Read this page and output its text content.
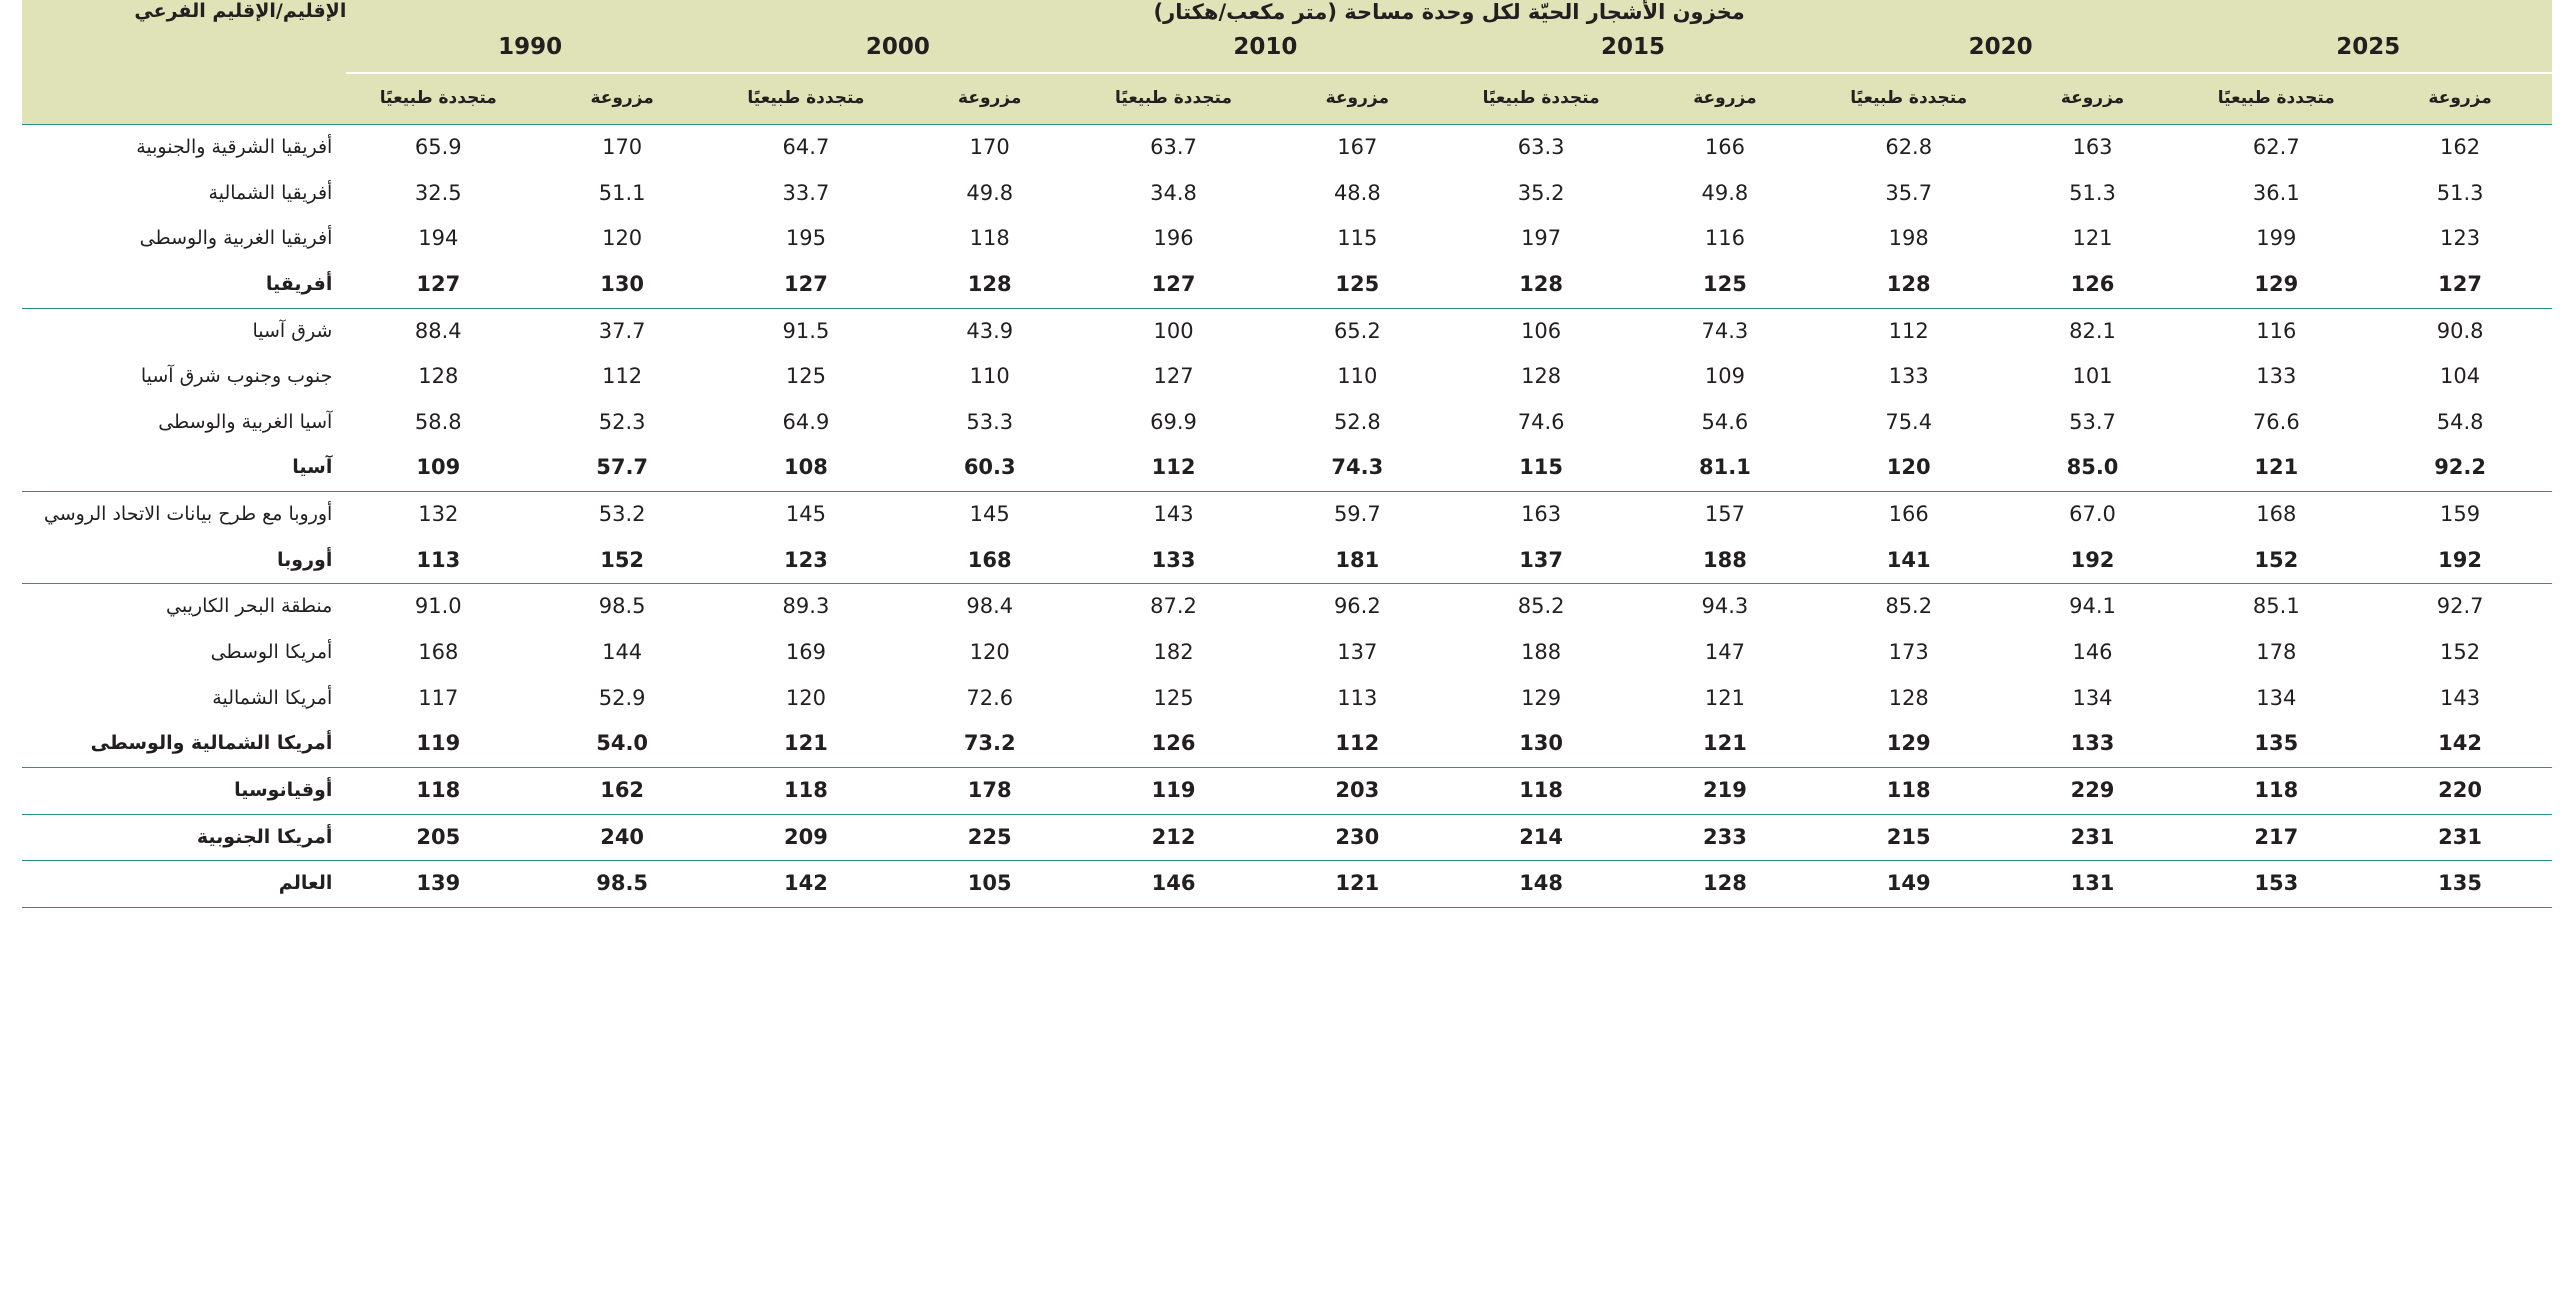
مخزون الأشجار الحيّة لكل وحدة مساحة (متر مكعب/هكتار)												الإقليم/الإقليم الفرعي
2025		2020		2015		2010		2000		1990		
مزروعة	متجددة طبيعيًا	مزروعة	متجددة طبيعيًا	مزروعة	متجددة طبيعيًا	مزروعة	متجددة طبيعيًا	مزروعة	متجددة طبيعيًا	مزروعة	متجددة طبيعيًا	
162	62.7	163	62.8	166	63.3	167	63.7	170	64.7	170	65.9	أفريقيا الشرقية والجنوبية
51.3	36.1	51.3	35.7	49.8	35.2	48.8	34.8	49.8	33.7	51.1	32.5	أفريقيا الشمالية
123	199	121	198	116	197	115	196	118	195	120	194	أفريقيا الغربية والوسطى
127	129	126	128	125	128	125	127	128	127	130	127	أفريقيا
90.8	116	82.1	112	74.3	106	65.2	100	43.9	91.5	37.7	88.4	شرق آسيا
104	133	101	133	109	128	110	127	110	125	112	128	جنوب وجنوب شرق آسيا
54.8	76.6	53.7	75.4	54.6	74.6	52.8	69.9	53.3	64.9	52.3	58.8	آسيا الغربية والوسطى
92.2	121	85.0	120	81.1	115	74.3	112	60.3	108	57.7	109	آسيا
159	168	67.0	166	157	163	59.7	143	145	145	53.2	132	أوروبا مع طرح بيانات الاتحاد الروسي
192	152	192	141	188	137	181	133	168	123	152	113	أوروبا
92.7	85.1	94.1	85.2	94.3	85.2	96.2	87.2	98.4	89.3	98.5	91.0	منطقة البحر الكاريبي
152	178	146	173	147	188	137	182	120	169	144	168	أمريكا الوسطى
143	134	134	128	121	129	113	125	72.6	120	52.9	117	أمريكا الشمالية
142	135	133	129	121	130	112	126	73.2	121	54.0	119	أمريكا الشمالية والوسطى
220	118	229	118	219	118	203	119	178	118	162	118	أوقيانوسيا
231	217	231	215	233	214	230	212	225	209	240	205	أمريكا الجنوبية
135	153	131	149	128	148	121	146	105	142	98.5	139	العالم
